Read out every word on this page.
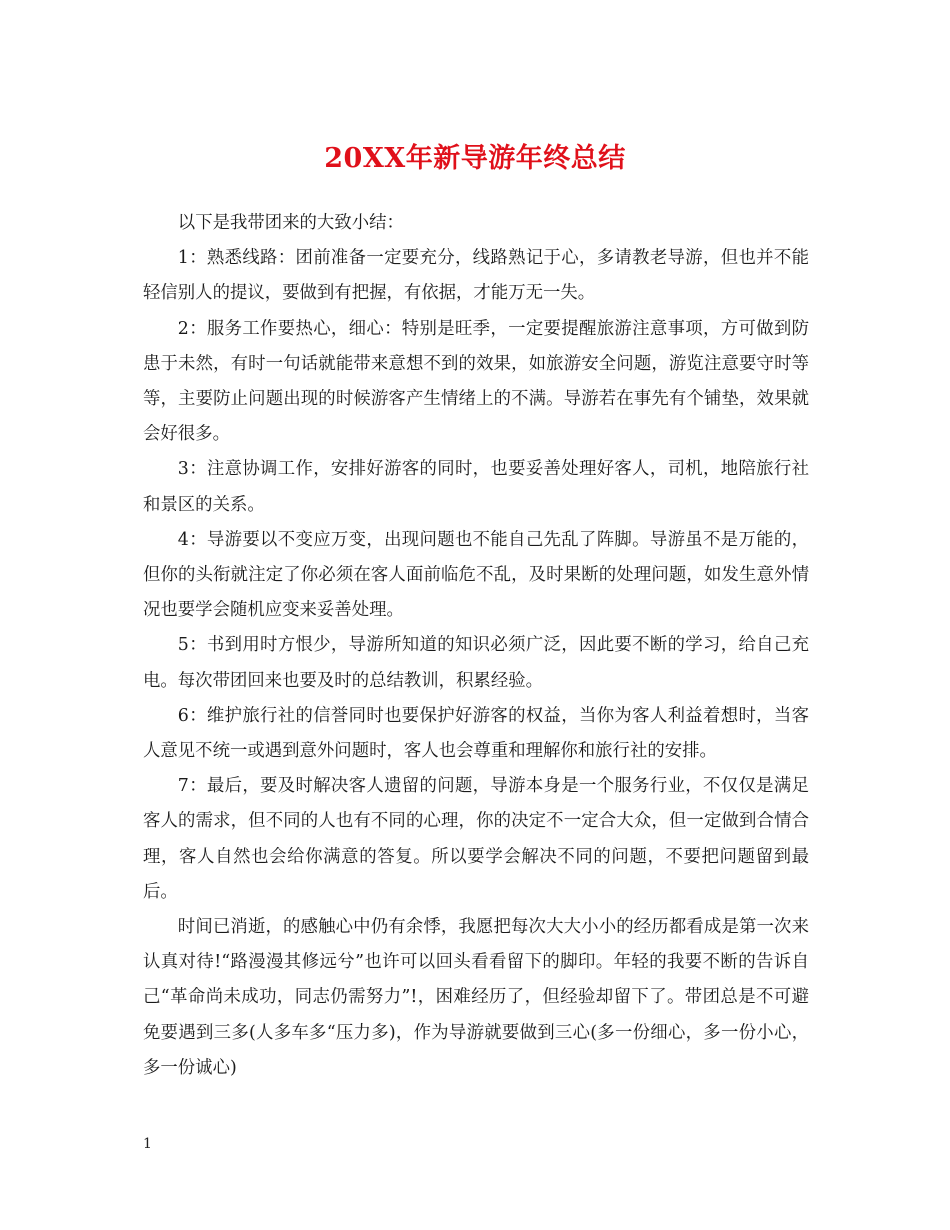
20XX年新导游年终总结

以下是我带团来的大致小结：

1：熟悉线路：团前准备一定要充分，线路熟记于心，多请教老导游，但也并不能轻信别人的提议，要做到有把握，有依据，才能万无一失。

2：服务工作要热心，细心：特别是旺季，一定要提醒旅游注意事项，方可做到防患于未然，有时一句话就能带来意想不到的效果，如旅游安全问题，游览注意要守时等等，主要防止问题出现的时候游客产生情绪上的不满。导游若在事先有个铺垫，效果就会好很多。

3：注意协调工作，安排好游客的同时，也要妥善处理好客人，司机，地陪旅行社和景区的关系。

4：导游要以不变应万变，出现问题也不能自己先乱了阵脚。导游虽不是万能的，但你的头衔就注定了你必须在客人面前临危不乱，及时果断的处理问题，如发生意外情况也要学会随机应变来妥善处理。

5：书到用时方恨少，导游所知道的知识必须广泛，因此要不断的学习，给自己充电。每次带团回来也要及时的总结教训，积累经验。

6：维护旅行社的信誉同时也要保护好游客的权益，当你为客人利益着想时，当客人意见不统一或遇到意外问题时，客人也会尊重和理解你和旅行社的安排。

7：最后，要及时解决客人遗留的问题，导游本身是一个服务行业，不仅仅是满足客人的需求，但不同的人也有不同的心理，你的决定不一定合大众，但一定做到合情合理，客人自然也会给你满意的答复。所以要学会解决不同的问题，不要把问题留到最后。

时间已消逝，的感触心中仍有余悸，我愿把每次大大小小的经历都看成是第一次来认真对待!“路漫漫其修远兮”也许可以回头看看留下的脚印。年轻的我要不断的告诉自己“革命尚未成功，同志仍需努力”!，困难经历了，但经验却留下了。带团总是不可避免要遇到三多(人多车多“压力多)，作为导游就要做到三心(多一份细心，多一份小心，多一份诚心)

1
